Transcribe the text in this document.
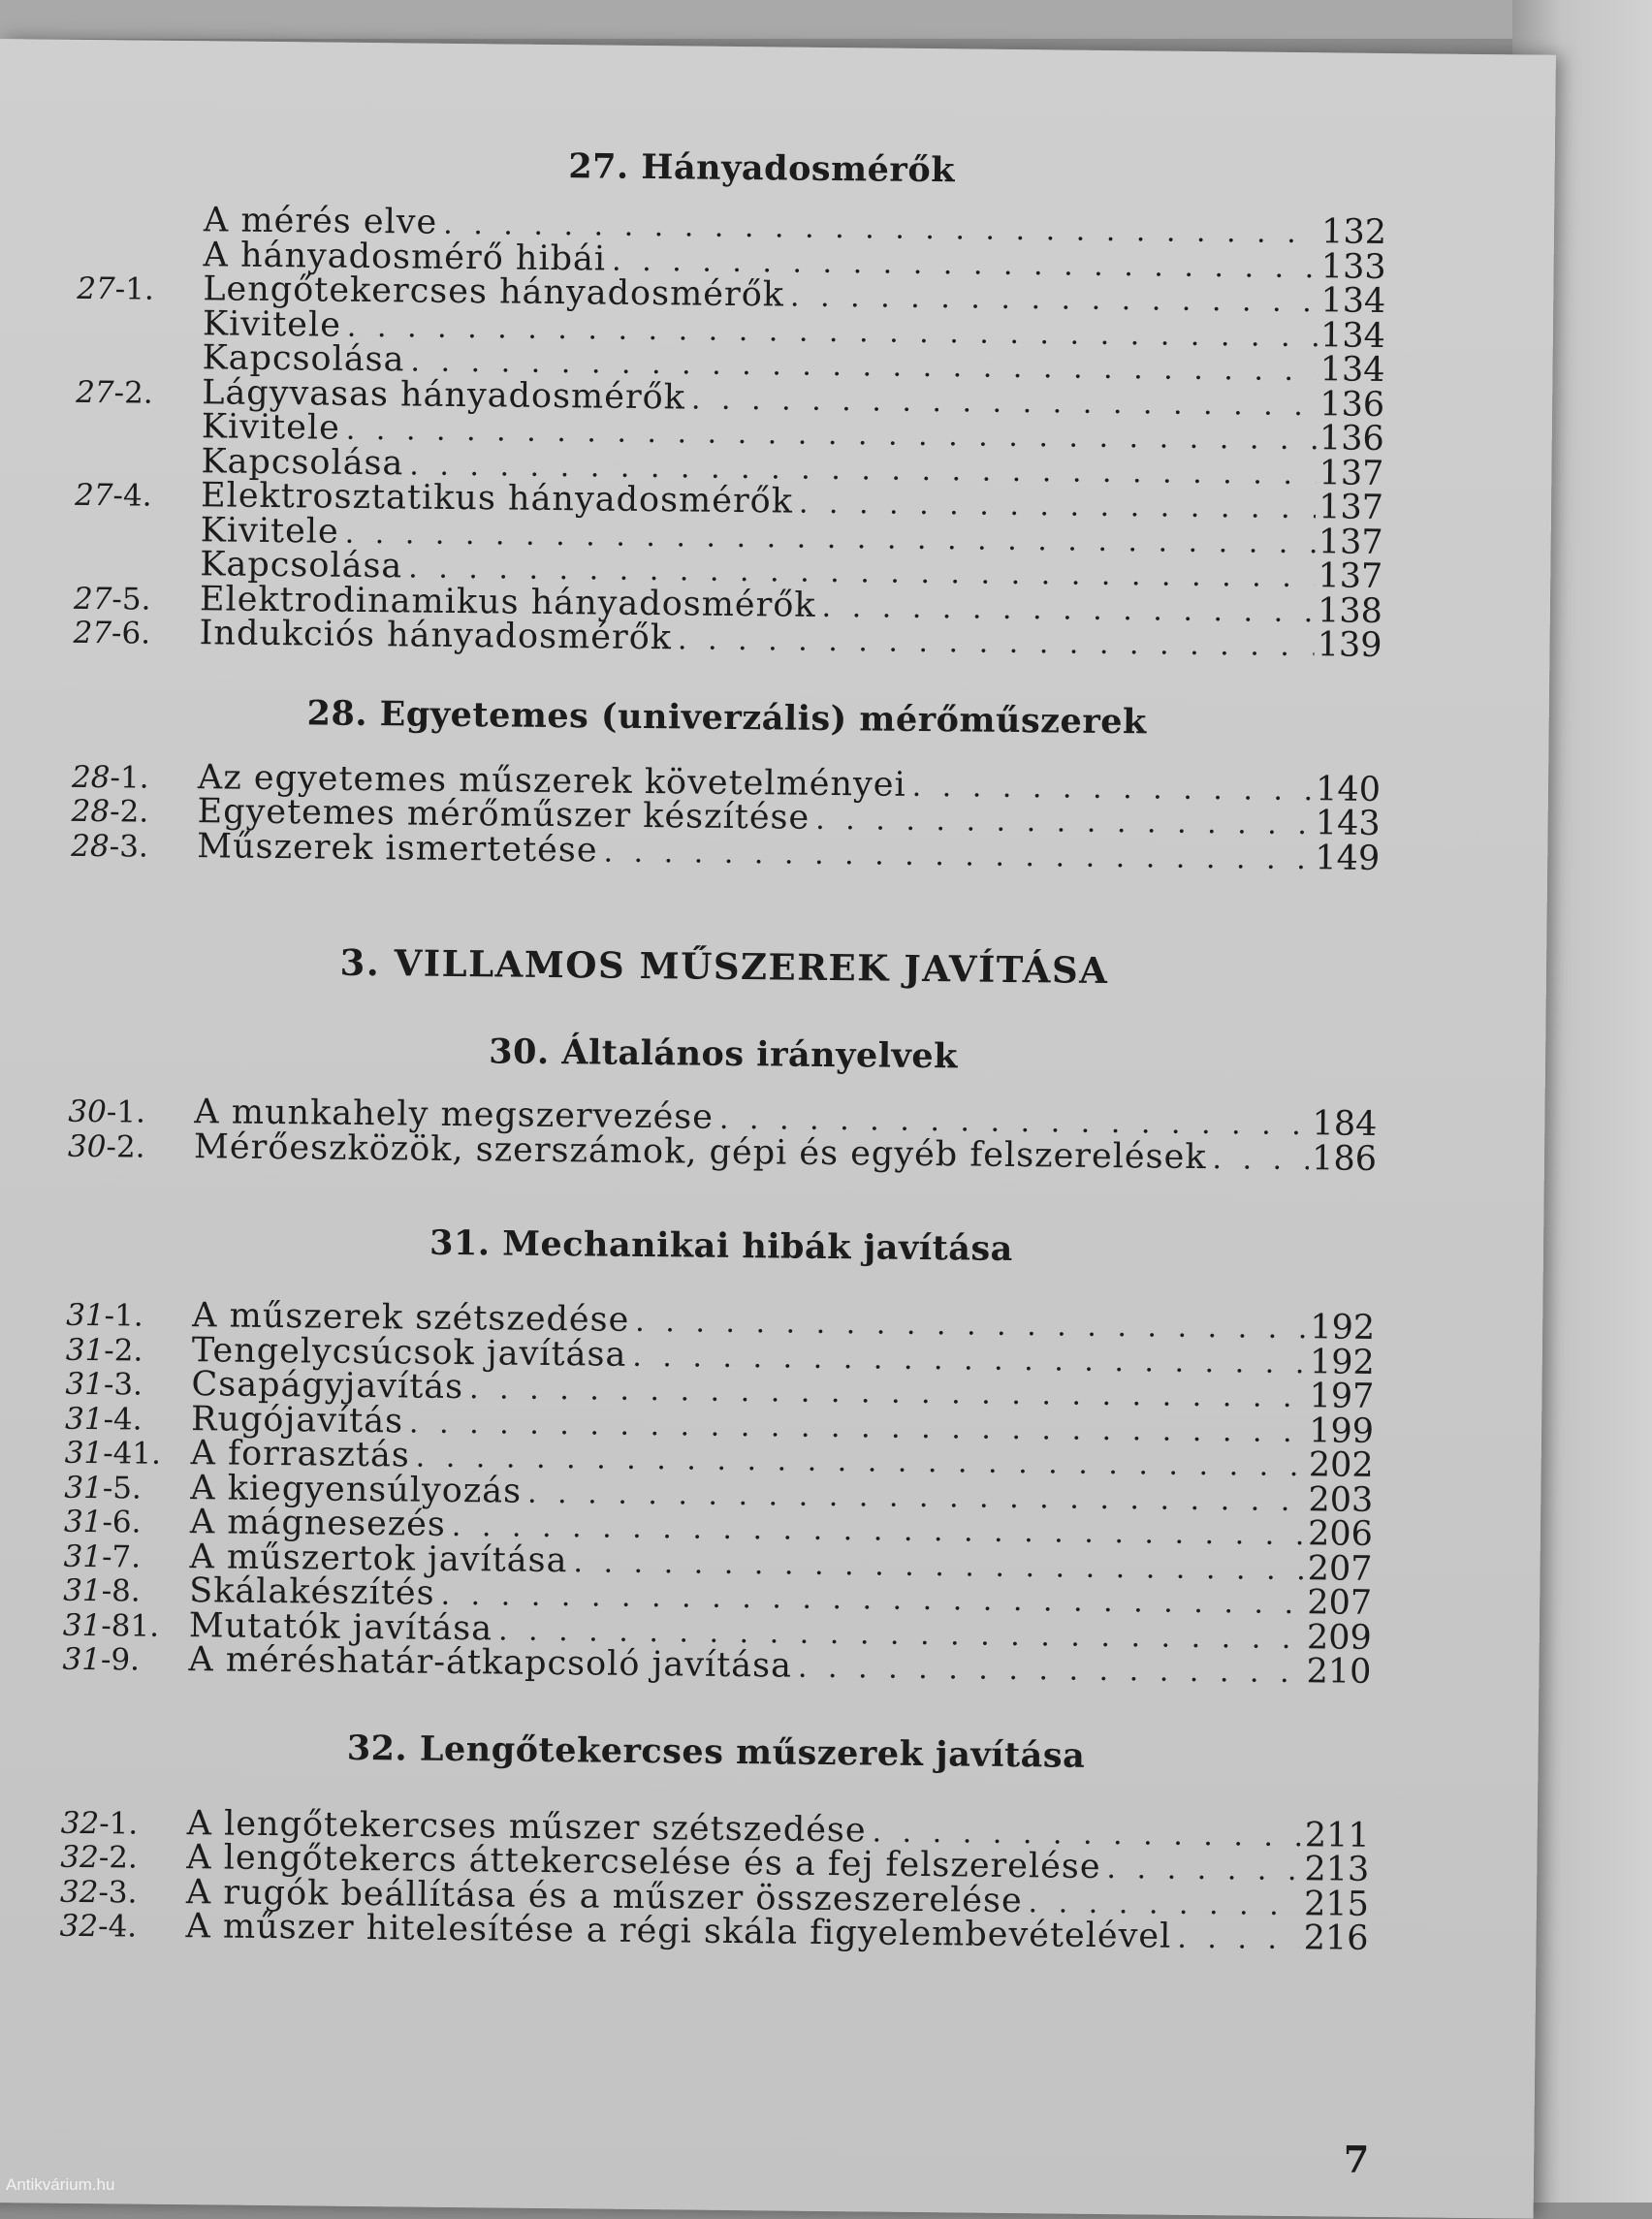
27. Hányadosmérők
A mérés elve . . .	132
A hányadosmérő hibái . . .	133
27-1.	Lengőtekercses hányadosmérők . . .	134
Kivitele . . .	134
Kapcsolása . . .	134
27-2.	Lágyvasas hányadosmérők . . .	136
Kivitele . . .	136
Kapcsolása . . .	137
27-4.	Elektrosztatikus hányadosmérők . . .	137
Kivitele . . .	137
Kapcsolása . . .	137
27-5.	Elektrodinamikus hányadosmérők . . .	138
27-6.	Indukciós hányadosmérők . . .	139
28. Egyetemes (univerzális) mérőműszerek
28-1.	Az egyetemes műszerek követelményei . . .	140
28-2.	Egyetemes mérőműszer készítése . . .	143
28-3.	Műszerek ismertetése . . .	149
3. VILLAMOS MŰSZEREK JAVÍTÁSA
30. Általános irányelvek
30-1.	A munkahely megszervezése . . .	184
30-2.	Mérőeszközök, szerszámok, gépi és egyéb felszerelések . . .	186
31. Mechanikai hibák javítása
31-1.	A műszerek szétszedése . . .	192
31-2.	Tengelycsúcsok javítása . . .	192
31-3.	Csapágyjavítás . . .	197
31-4.	Rugójavítás . . .	199
31-41. A forrasztás . . .	202
31-5.	A kiegyensúlyozás . . .	203
31-6.	A mágnesezés . . .	206
31-7.	A műszertok javítása . . .	207
31-8.	Skálakészítés . . .	207
31-81. Mutatók javítása . . .	209
31-9.	A méréshatár-átkapcsoló javítása . . .	210
32. Lengőtekercses műszerek javítása
32-1.	A lengőtekercses műszer szétszedése . . .	211
32-2.	A lengőtekercs áttekercselése és a fej felszerelése . . .	213
32-3.	A rugók beállítása és a műszer összeszerelése . . .	215
32-4.	A műszer hitelesítése a régi skála figyelembevételével . . .	216
7
Antikvárium.hu
